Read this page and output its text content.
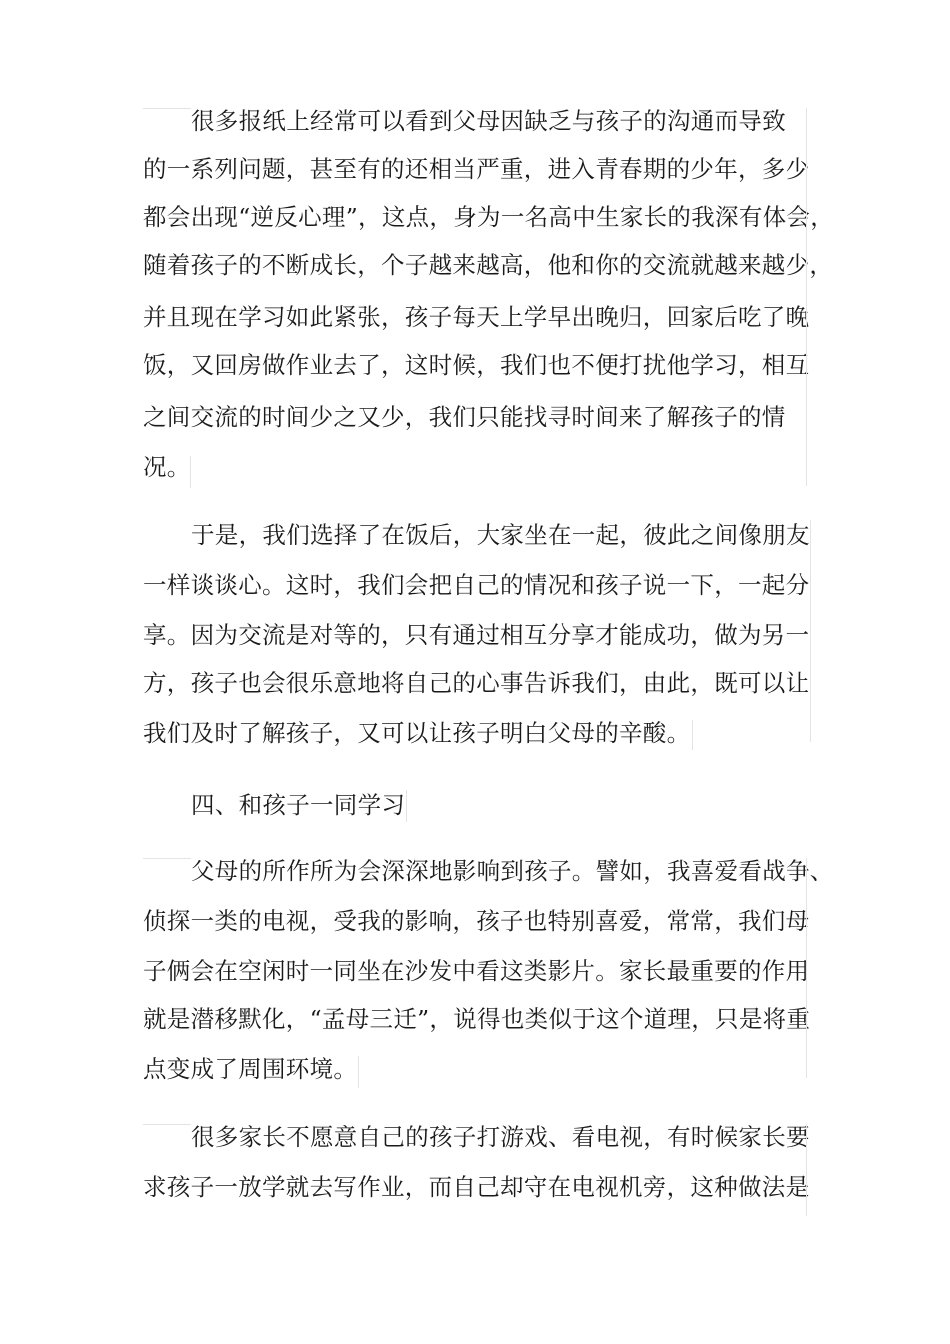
很多报纸上经常可以看到父母因缺乏与孩子的沟通而导致
的一系列问题，甚至有的还相当严重，进入青春期的少年，多少
都会出现“逆反心理”，这点，身为一名高中生家长的我深有体会，
随着孩子的不断成长，个子越来越高，他和你的交流就越来越少，
并且现在学习如此紧张，孩子每天上学早出晚归，回家后吃了晚
饭，又回房做作业去了，这时候，我们也不便打扰他学习，相互
之间交流的时间少之又少，我们只能找寻时间来了解孩子的情
况。
于是，我们选择了在饭后，大家坐在一起，彼此之间像朋友
一样谈谈心。这时，我们会把自己的情况和孩子说一下，一起分
享。因为交流是对等的，只有通过相互分享才能成功，做为另一
方，孩子也会很乐意地将自己的心事告诉我们，由此，既可以让
我们及时了解孩子，又可以让孩子明白父母的辛酸。
四、和孩子一同学习
父母的所作所为会深深地影响到孩子。譬如，我喜爱看战争、
侦探一类的电视，受我的影响，孩子也特别喜爱，常常，我们母
子俩会在空闲时一同坐在沙发中看这类影片。家长最重要的作用
就是潜移默化，“孟母三迁”，说得也类似于这个道理，只是将重
点变成了周围环境。
很多家长不愿意自己的孩子打游戏、看电视，有时候家长要
求孩子一放学就去写作业，而自己却守在电视机旁，这种做法是
